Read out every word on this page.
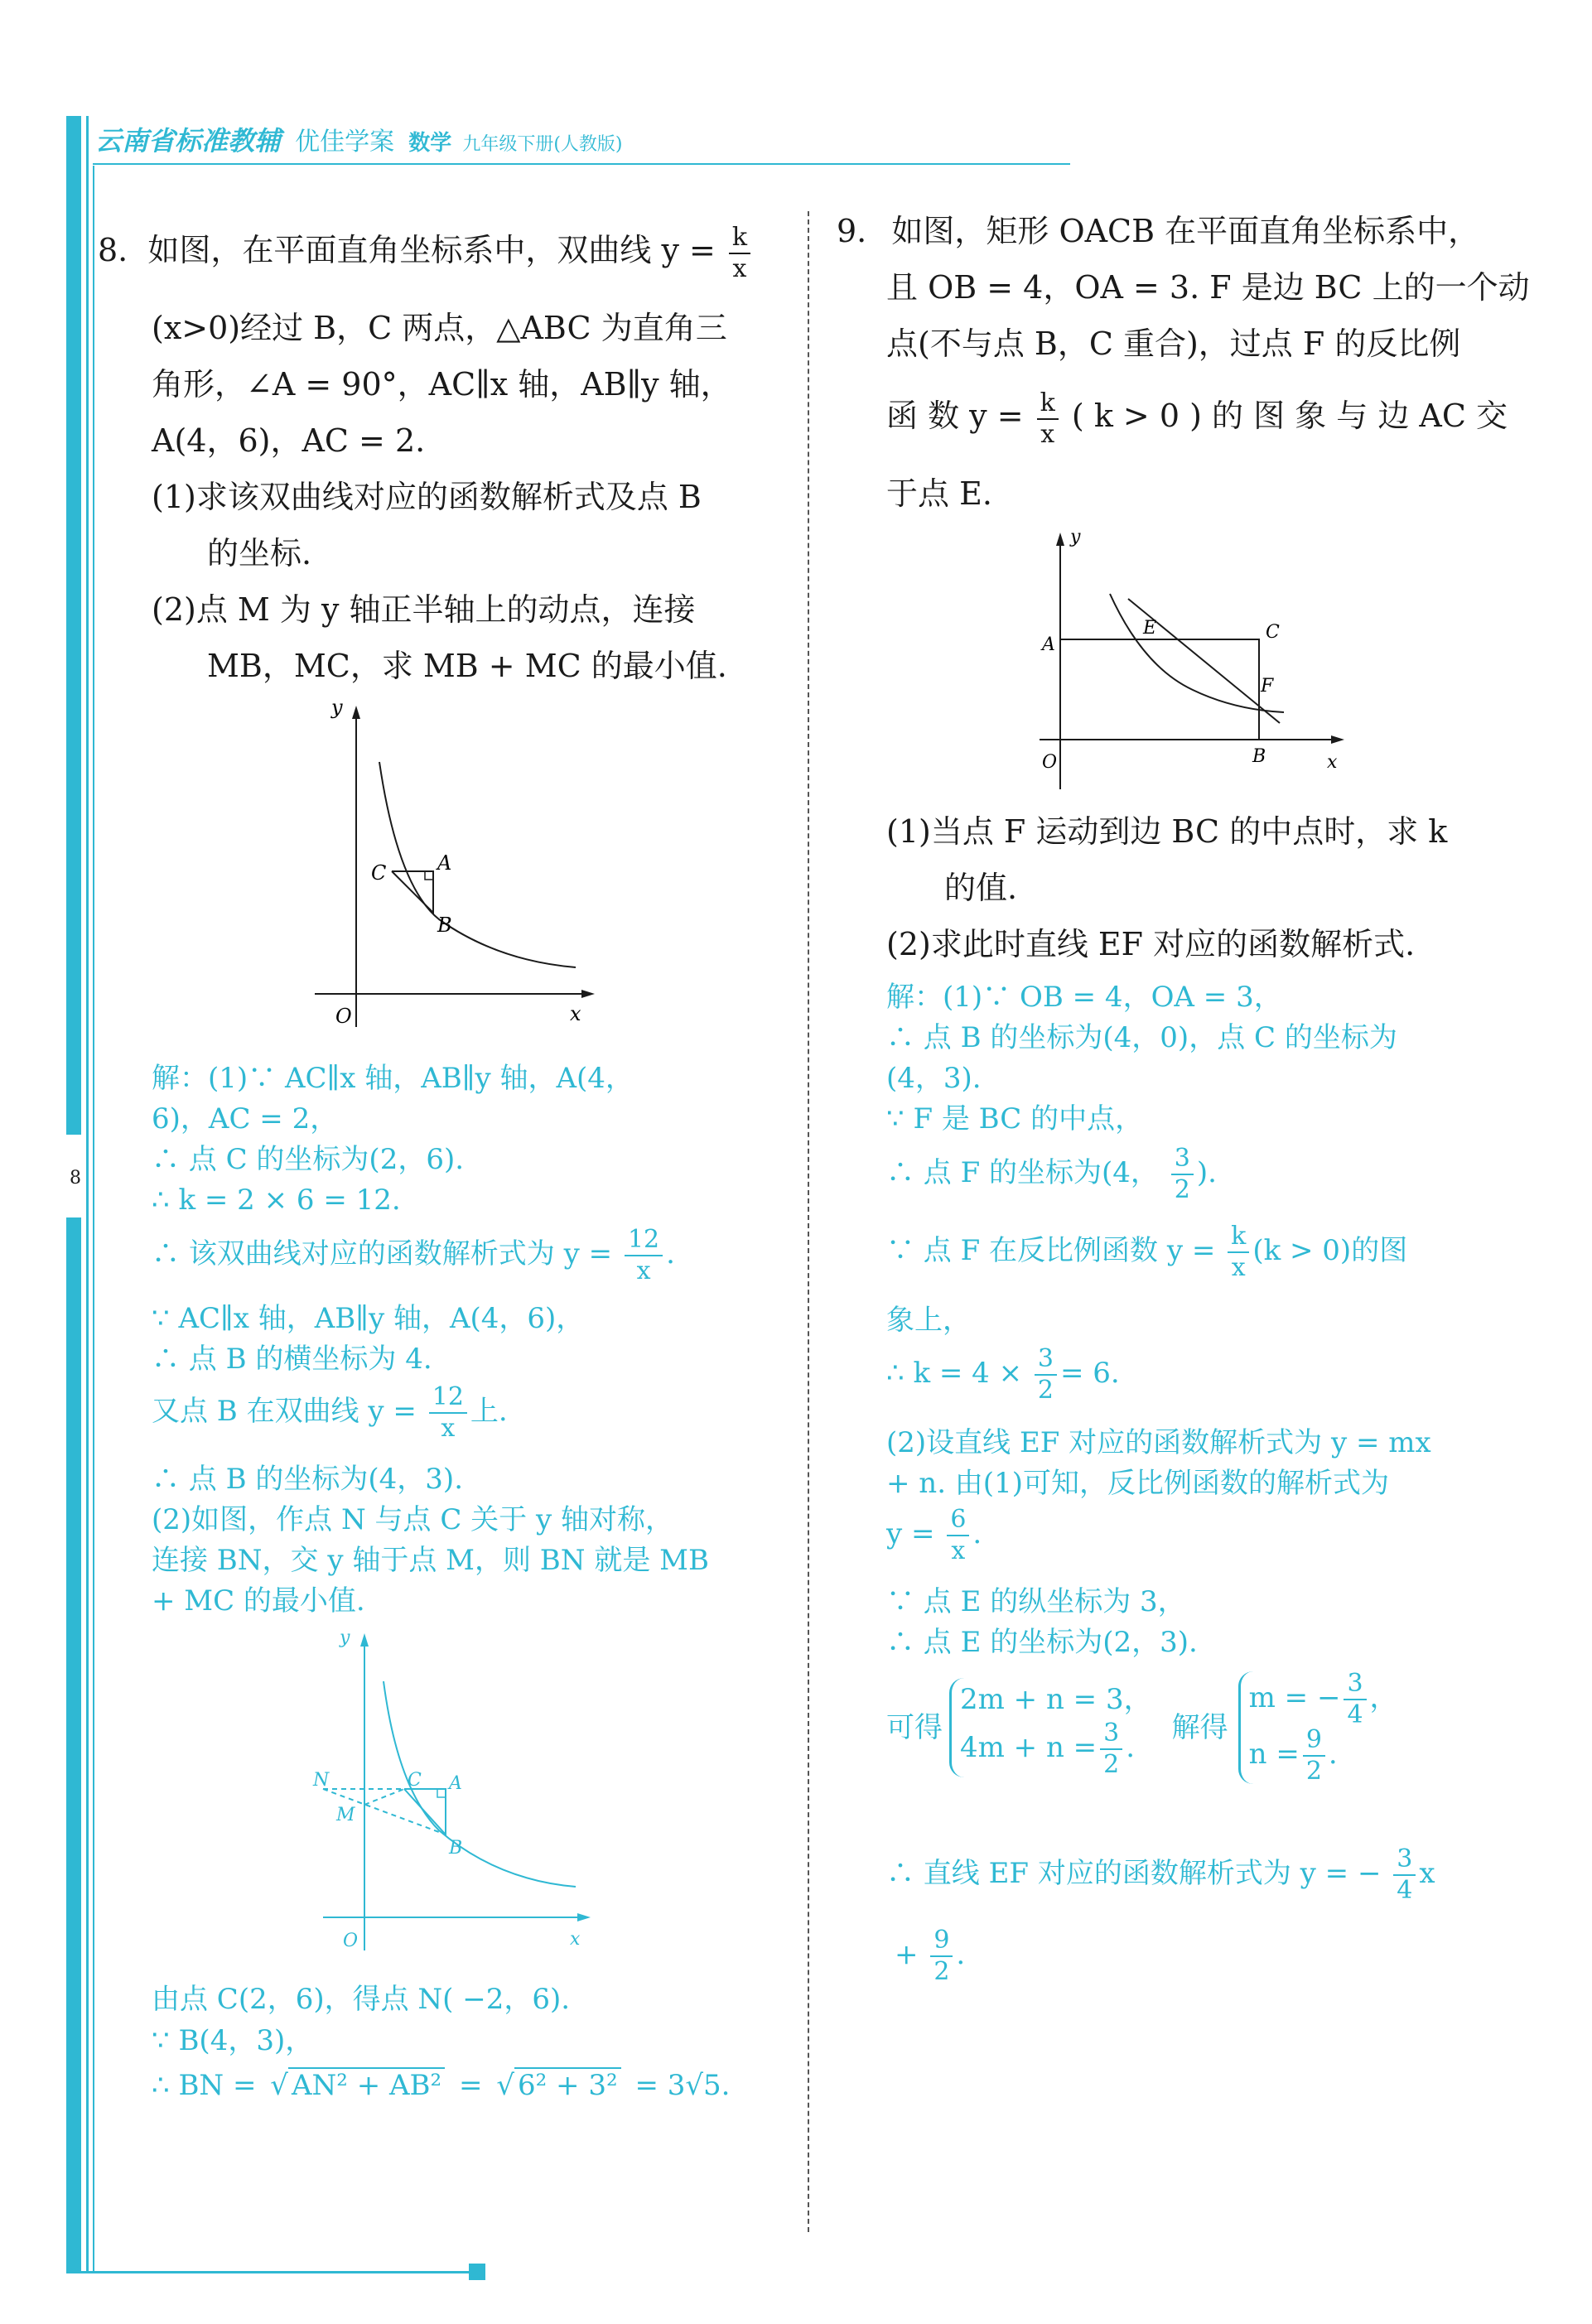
云南省标准教辅 优佳学案 数学 九年级下册(人教版)
8
8. 如图，在平面直角坐标系中，双曲线 $y = \frac{k}{x}$
(x>0)经过 B，C 两点，△ABC 为直角三
角形，∠A = 90°，AC∥x 轴，AB∥y 轴，
A(4，6)，AC = 2.
(1)求该双曲线对应的函数解析式及点 B
的坐标.
(2)点 M 为 y 轴正半轴上的动点，连接
MB，MC，求 MB + MC 的最小值.
y
x
O
A
B
C
解：(1)∵ AC∥x 轴，AB∥y 轴，A(4，
6)，AC = 2，
∴ 点 C 的坐标为(2，6).
∴ k = 2 × 6 = 12.
∴ 该双曲线对应的函数解析式为 $y = \frac{12}{x}$ .
∵ AC∥x 轴，AB∥y 轴，A(4，6)，
∴ 点 B 的横坐标为 4.
又点 B 在双曲线 $y = \frac{12}{x}$ 上.
∴ 点 B 的坐标为(4，3).
(2)如图，作点 N 与点 C 关于 y 轴对称，
连接 BN，交 y 轴于点 M，则 BN 就是 MB
+ MC 的最小值.
y
x
O
A
B
C
N
M
由点 C(2，6)，得点 N( −2，6).
∵ B(4，3)，
∴ BN = √ AN² + AB² = √ 6² + 3² = 3√5.
9. 如图，矩形 OACB 在平面直角坐标系中，
且 OB = 4，OA = 3. F 是边 BC 上的一个动
点(不与点 B，C 重合)，过点 F 的反比例
函 数 $y = \frac{k}{x}$ ( k > 0 ) 的 图 象 与 边 AC 交
于点 E.
y
x
O
A
B
C
E
F
(1)当点 F 运动到边 BC 的中点时，求 k
的值.
(2)求此时直线 EF 对应的函数解析式.
解：(1)∵ OB = 4，OA = 3，
∴ 点 B 的坐标为(4，0)，点 C 的坐标为
(4，3).
∵ F 是 BC 的中点，
∴ 点 F 的坐标为(4， $\frac{3}{2}$ ).
∵ 点 F 在反比例函数 $y = \frac{k}{x} (k > 0)$的图
象上，
∴ $k = 4 \times \frac{3}{2} = 6$.
(2)设直线 EF 对应的函数解析式为 y = mx
+ n. 由(1)可知，反比例函数的解析式为
$y = \frac{6}{x}$ .
∵ 点 E 的纵坐标为 3，
∴ 点 E 的坐标为(2，3).
可得
2m + n = 3，
$4m + n = \frac{3}{2}$ .
解得
m = − $\frac{3}{4}$ ，
$n = \frac{9}{2}$ .
∴ 直线 EF 对应的函数解析式为 y = − $\frac{3}{4}$ x
+ $\frac{9}{2}$ .
